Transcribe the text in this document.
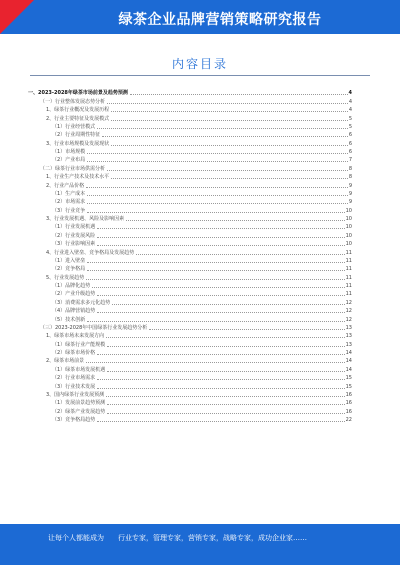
绿茶企业品牌营销策略研究报告
内容目录
一、2023-2028年绿茶市场前景及趋势预测	4
（一）行业整体发展态势分析	4
1、绿茶行业概况及发展历程	4
2、行业主要特征及发展模式	5
（1）行业经营模式	5
（2）行业周期性特征	6
3、行业市场规模及发展现状	6
（1）市场规模	6
（2）产业布局	7
（二）绿茶行业市场供需分析	8
1、行业生产技术及技术水平	8
2、行业产品价格	9
（1）生产成本	9
（2）市场需求	9
（3）行业竞争	10
3、行业发展机遇、风险及影响因素	10
（1）行业发展机遇	10
（2）行业发展风险	10
（3）行业影响因素	10
4、行业进入壁垒、竞争格局及发展趋势	11
（1）进入壁垒	11
（2）竞争格局	11
5、行业发展趋势	11
（1）品牌化趋势	11
（2）产业升级趋势	11
（3）消费需求多元化趋势	12
（4）品牌营销趋势	12
（5）技术创新	12
（三）2023-2028年中国绿茶行业发展趋势分析	13
1、绿茶市场未来发展方向	13
（1）绿茶行业产能规模	13
（2）绿茶市场价格	14
2、绿茶市场前景	14
（1）绿茶市场发展机遇	14
（2）行业市场需求	15
（3）行业技术发展	15
3、国内绿茶行业发展预测	16
（1）发展前景趋势预测	16
（2）绿茶产业发展趋势	16
（3）竞争格局趋势	22
让每个人都能成为 行业专家，管理专家，营销专家，战略专家，成功企业家……
